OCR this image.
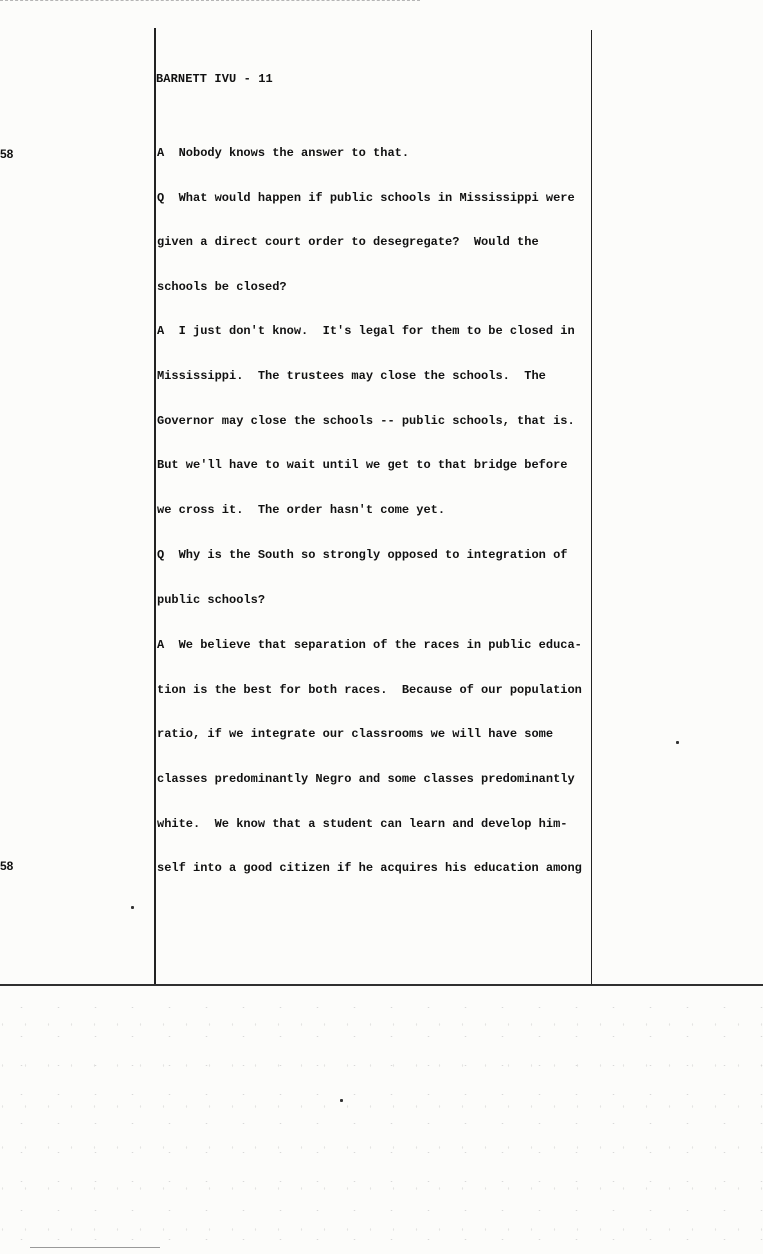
58
58
BARNETT IVU - 11
A  Nobody knows the answer to that.
Q  What would happen if public schools in Mississippi were
given a direct court order to desegregate?  Would the
schools be closed?
A  I just don't know.  It's legal for them to be closed in
Mississippi.  The trustees may close the schools.  The
Governor may close the schools -- public schools, that is.
But we'll have to wait until we get to that bridge before
we cross it.  The order hasn't come yet.
Q  Why is the South so strongly opposed to integration of
public schools?
A  We believe that separation of the races in public educa-
tion is the best for both races.  Because of our population
ratio, if we integrate our classrooms we will have some
classes predominantly Negro and some classes predominantly
white.  We know that a student can learn and develop him-
self into a good citizen if he acquires his education among
